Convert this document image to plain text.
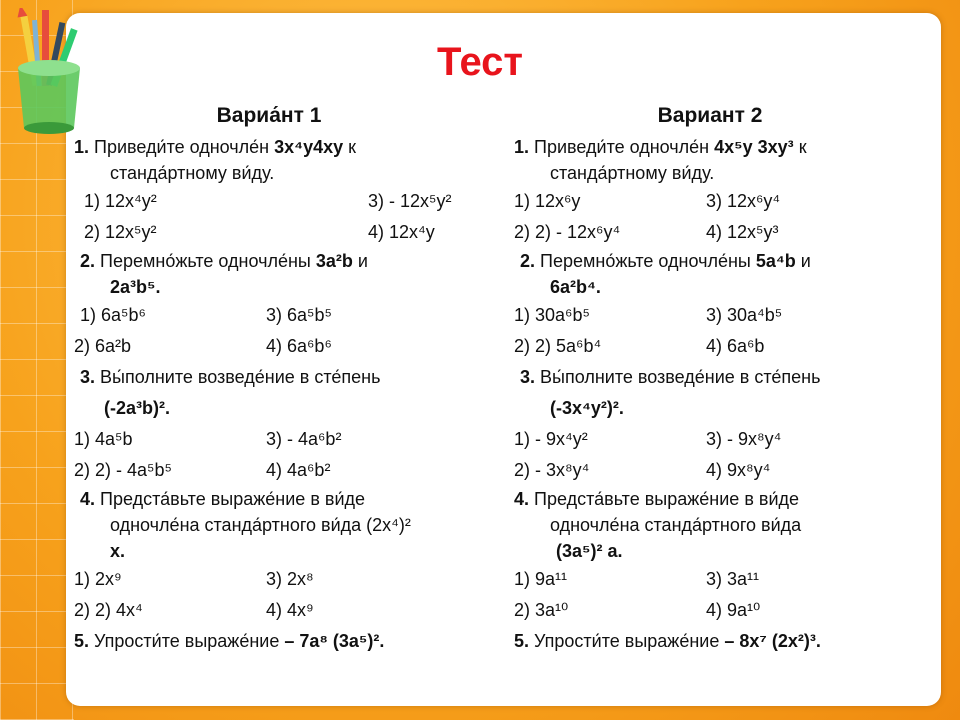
Тест
Вариа́нт 1
1. Приведи́те одночле́н 3x⁴y4xy к
станда́ртному ви́ду.
1) 12x⁴y²	3) - 12x⁵y²
2) 12x⁵y²	4) 12x⁴y
2. Перемно́жьте одночле́ны 3a²b и
2a³b⁵.
1) 6a⁵b⁶	3) 6a⁵b⁵
2) 6a²b	4) 6a⁶b⁶
3. Вы́полните возведе́ние в сте́пень
(-2a³b)².
1) 4a⁵b	3) - 4a⁶b²
2) 2) - 4a⁵b⁵	4) 4a⁶b²
4. Предста́вьте выраже́ние в ви́де
одночле́на станда́ртного ви́да (2x⁴)²
x.
1) 2x⁹	3) 2x⁸
2) 2) 4x⁴	4) 4x⁹
5. Упрости́те выраже́ние – 7a⁸ (3a⁵)².
Вариант 2
1. Приведи́те одночле́н 4x⁵y 3xy³ к
станда́ртному ви́ду.
1) 12x⁶y	3) 12x⁶y⁴
2) 2) - 12x⁶y⁴	4) 12x⁵y³
2. Перемно́жьте одночле́ны 5a⁴b и
6a²b⁴.
1) 30a⁶b⁵	3) 30a⁴b⁵
2) 2) 5a⁶b⁴	4) 6a⁶b
3. Вы́полните возведе́ние в сте́пень
(-3x⁴y²)².
1) - 9x⁴y²	3) - 9x⁸y⁴
2) - 3x⁸y⁴	4) 9x⁸y⁴
4. Предста́вьте выраже́ние в ви́де
одночле́на станда́ртного ви́да
(3a⁵)² a.
1) 9a¹¹	3) 3a¹¹
2) 3a¹⁰	4) 9a¹⁰
5. Упрости́те выраже́ние – 8x⁷ (2x²)³.
